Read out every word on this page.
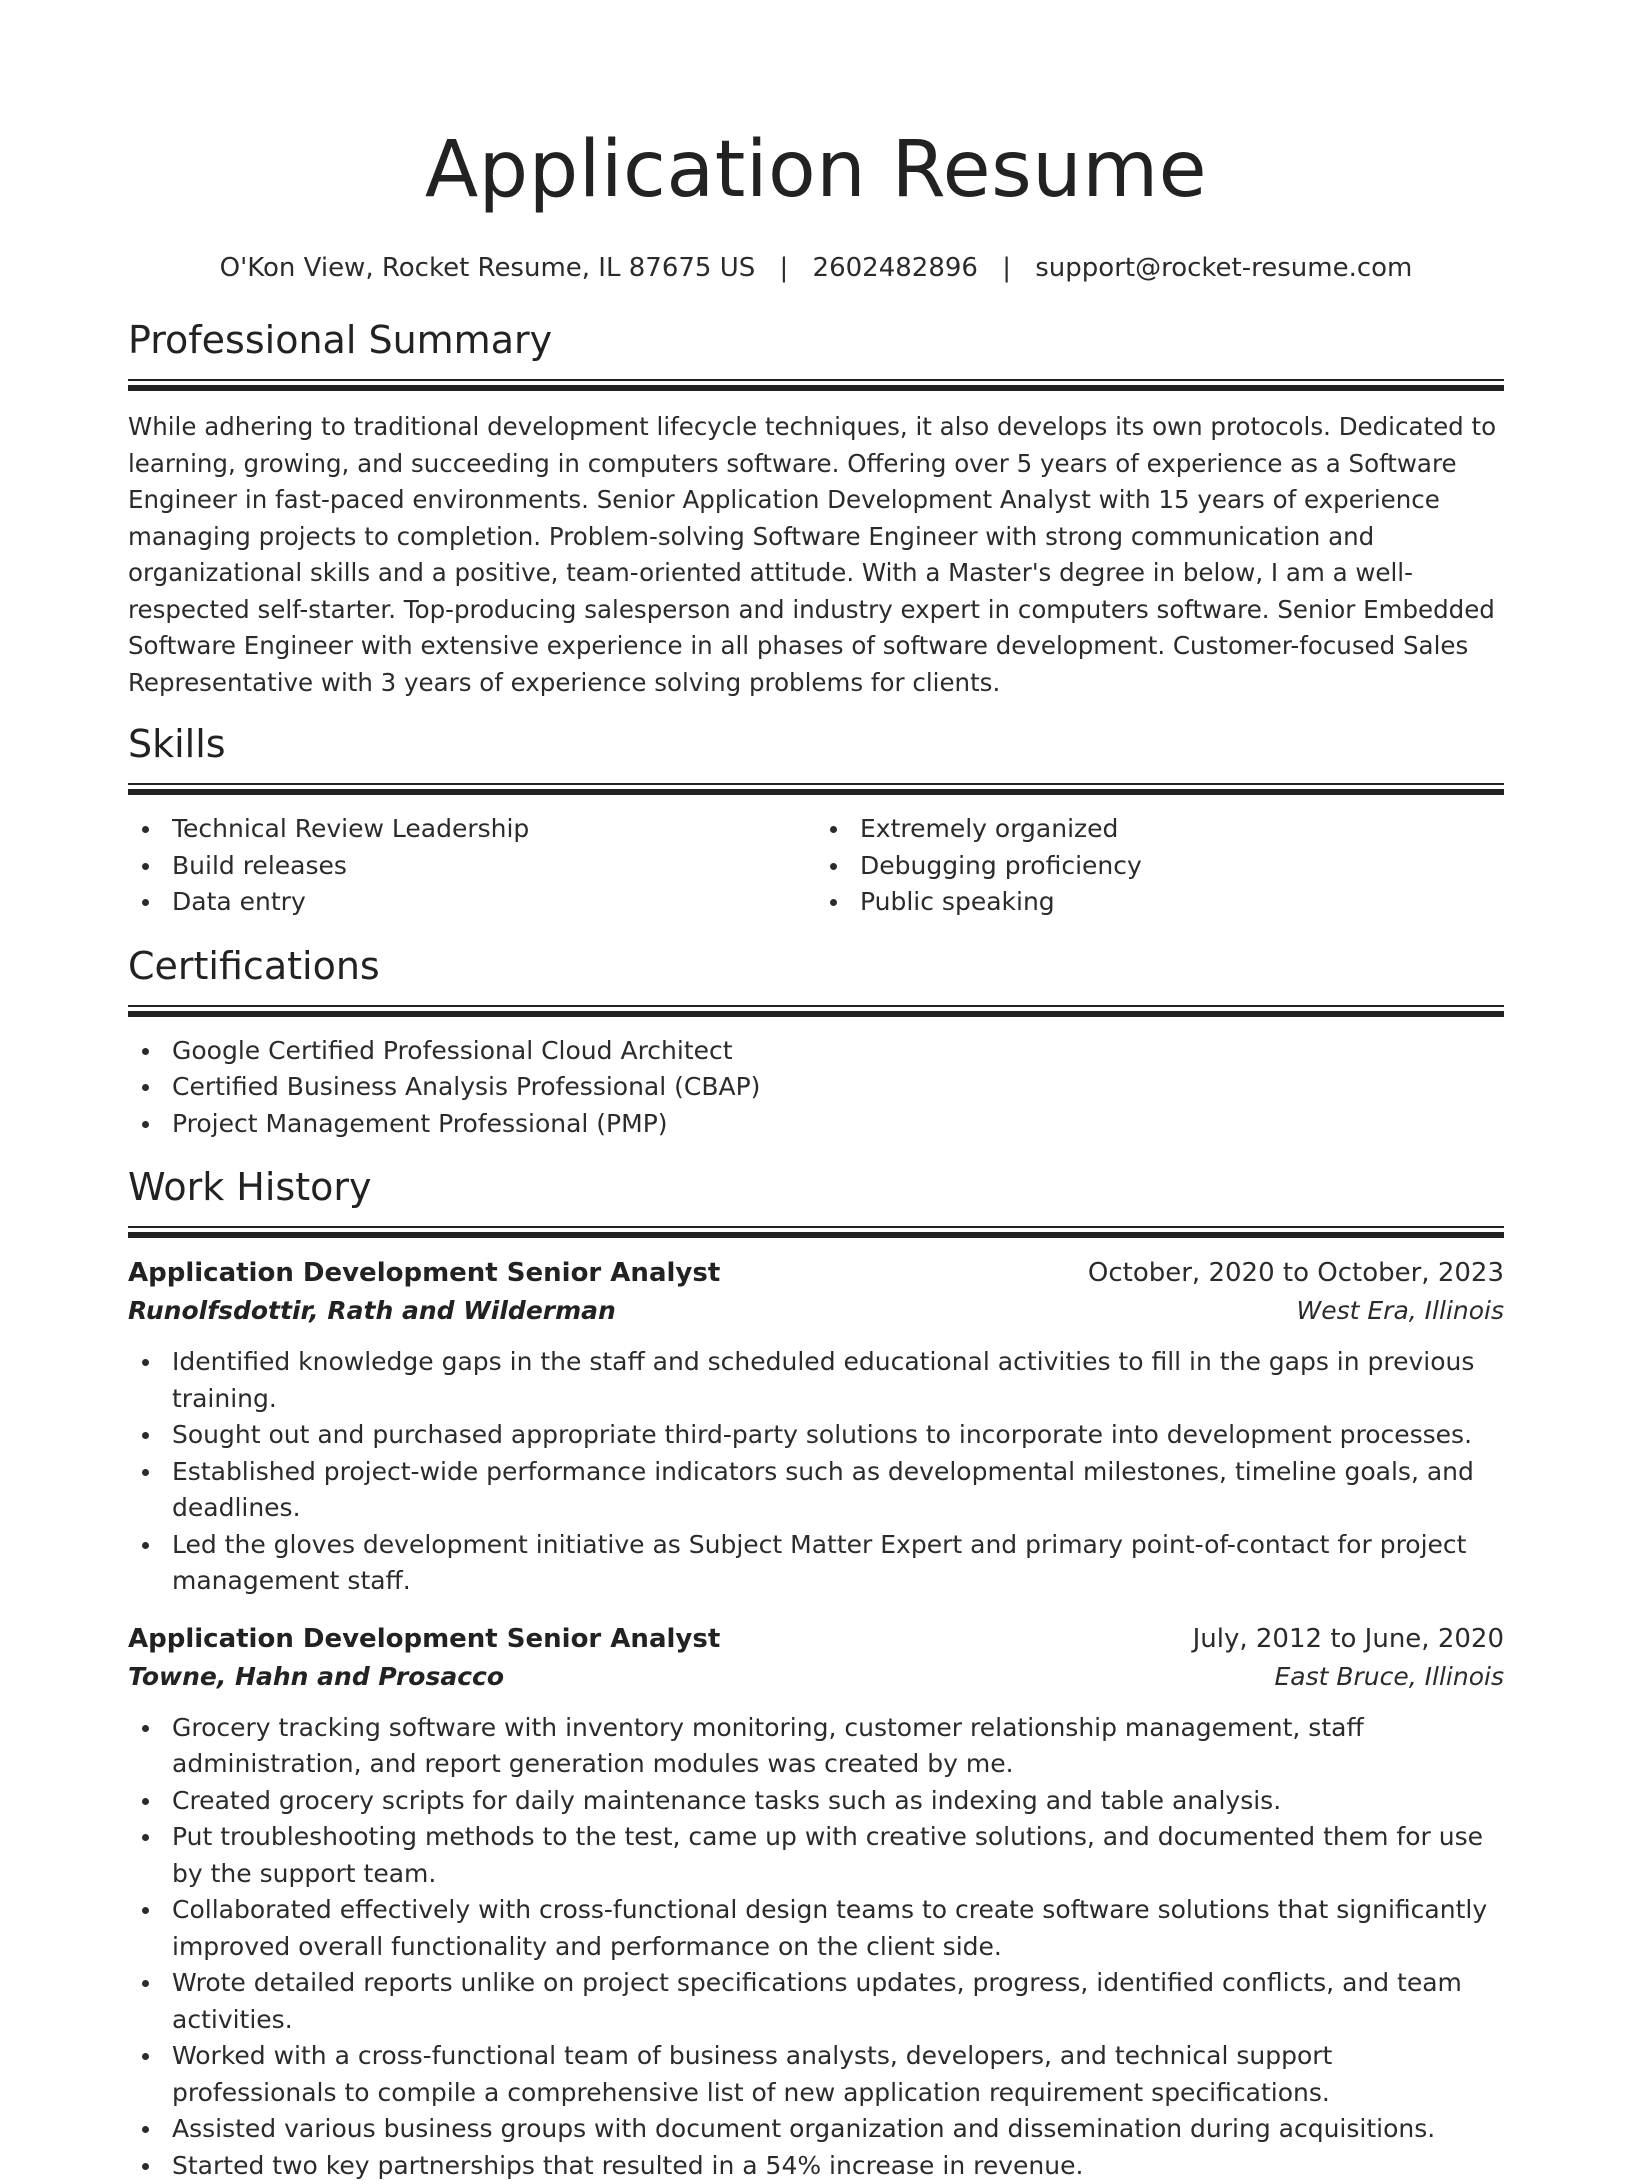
Application Resume
O'Kon View, Rocket Resume, IL 87675 US | 2602482896 | support@rocket-resume.com
Professional Summary

While adhering to traditional development lifecycle techniques, it also develops its own protocols. Dedicated to learning, growing, and succeeding in computers software. Offering over 5 years of experience as a Software Engineer in fast-paced environments. Senior Application Development Analyst with 15 years of experience managing projects to completion. Problem-solving Software Engineer with strong communication and organizational skills and a positive, team-oriented attitude. With a Master's degree in below, I am a well-respected self-starter. Top-producing salesperson and industry expert in computers software. Senior Embedded Software Engineer with extensive experience in all phases of software development. Customer-focused Sales Representative with 3 years of experience solving problems for clients.

Skills
Technical Review Leadership
Build releases
Data entry
Extremely organized
Debugging proficiency
Public speaking
Certifications
Google Certified Professional Cloud Architect
Certified Business Analysis Professional (CBAP)
Project Management Professional (PMP)
Work History
Application Development Senior Analyst	October, 2020 to October, 2023
Runolfsdottir, Rath and Wilderman	West Era, Illinois
Identified knowledge gaps in the staff and scheduled educational activities to fill in the gaps in previous training.
Sought out and purchased appropriate third-party solutions to incorporate into development processes.
Established project-wide performance indicators such as developmental milestones, timeline goals, and deadlines.
Led the gloves development initiative as Subject Matter Expert and primary point-of-contact for project management staff.
Application Development Senior Analyst	July, 2012 to June, 2020
Towne, Hahn and Prosacco	East Bruce, Illinois
Grocery tracking software with inventory monitoring, customer relationship management, staff administration, and report generation modules was created by me.
Created grocery scripts for daily maintenance tasks such as indexing and table analysis.
Put troubleshooting methods to the test, came up with creative solutions, and documented them for use by the support team.
Collaborated effectively with cross-functional design teams to create software solutions that significantly improved overall functionality and performance on the client side.
Wrote detailed reports unlike on project specifications updates, progress, identified conflicts, and team activities.
Worked with a cross-functional team of business analysts, developers, and technical support professionals to compile a comprehensive list of new application requirement specifications.
Assisted various business groups with document organization and dissemination during acquisitions.
Started two key partnerships that resulted in a 54% increase in revenue.
